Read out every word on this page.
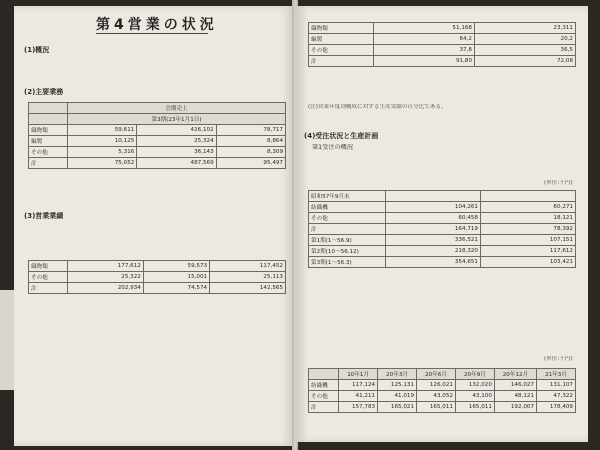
第4営業の状況
(1)概況
(2)主要業務
	会期売上		
	第3期(23年1月1日)		
織物類	59,611	426,102	78,717
編製	10,125	25,324	8,864
その他	5,316	36,143	8,309
計	75,052	487,569	95,497
(3)営業業績
織物類	177,612	59,573	117,452
その他	25,322	15,001	25,113
計	202,934	74,574	142,565
織物類	51,168	23,311
編製	64,2	20,2
その他	37,8	36,5
計	91,80	72,08
(注)営業年度別構成に対する生産実績の百分比である。
(4)受注状況と生産計画
第1受注の概況
(単位:千円)
昭和57年9月末		
紡織機	104,261	60,271
その他	60,458	18,121
計	164,719	78,392
第1期(1〜56.9)	336,521	107,151
第2期(10〜56.12)	218,320	117,612
第3期(1〜56.3)	354,651	103,421
(単位:千円)
	10年1月	20年3月	20年6月	20年9月	20年12月	21年3月
紡織機	117,124	125,131	126,021	132,020	146,027	131,107
その他	41,211	41,019	43,052	43,100	48,121	47,322
計	157,783	165,021	165,011	165,011	192,007	178,409
